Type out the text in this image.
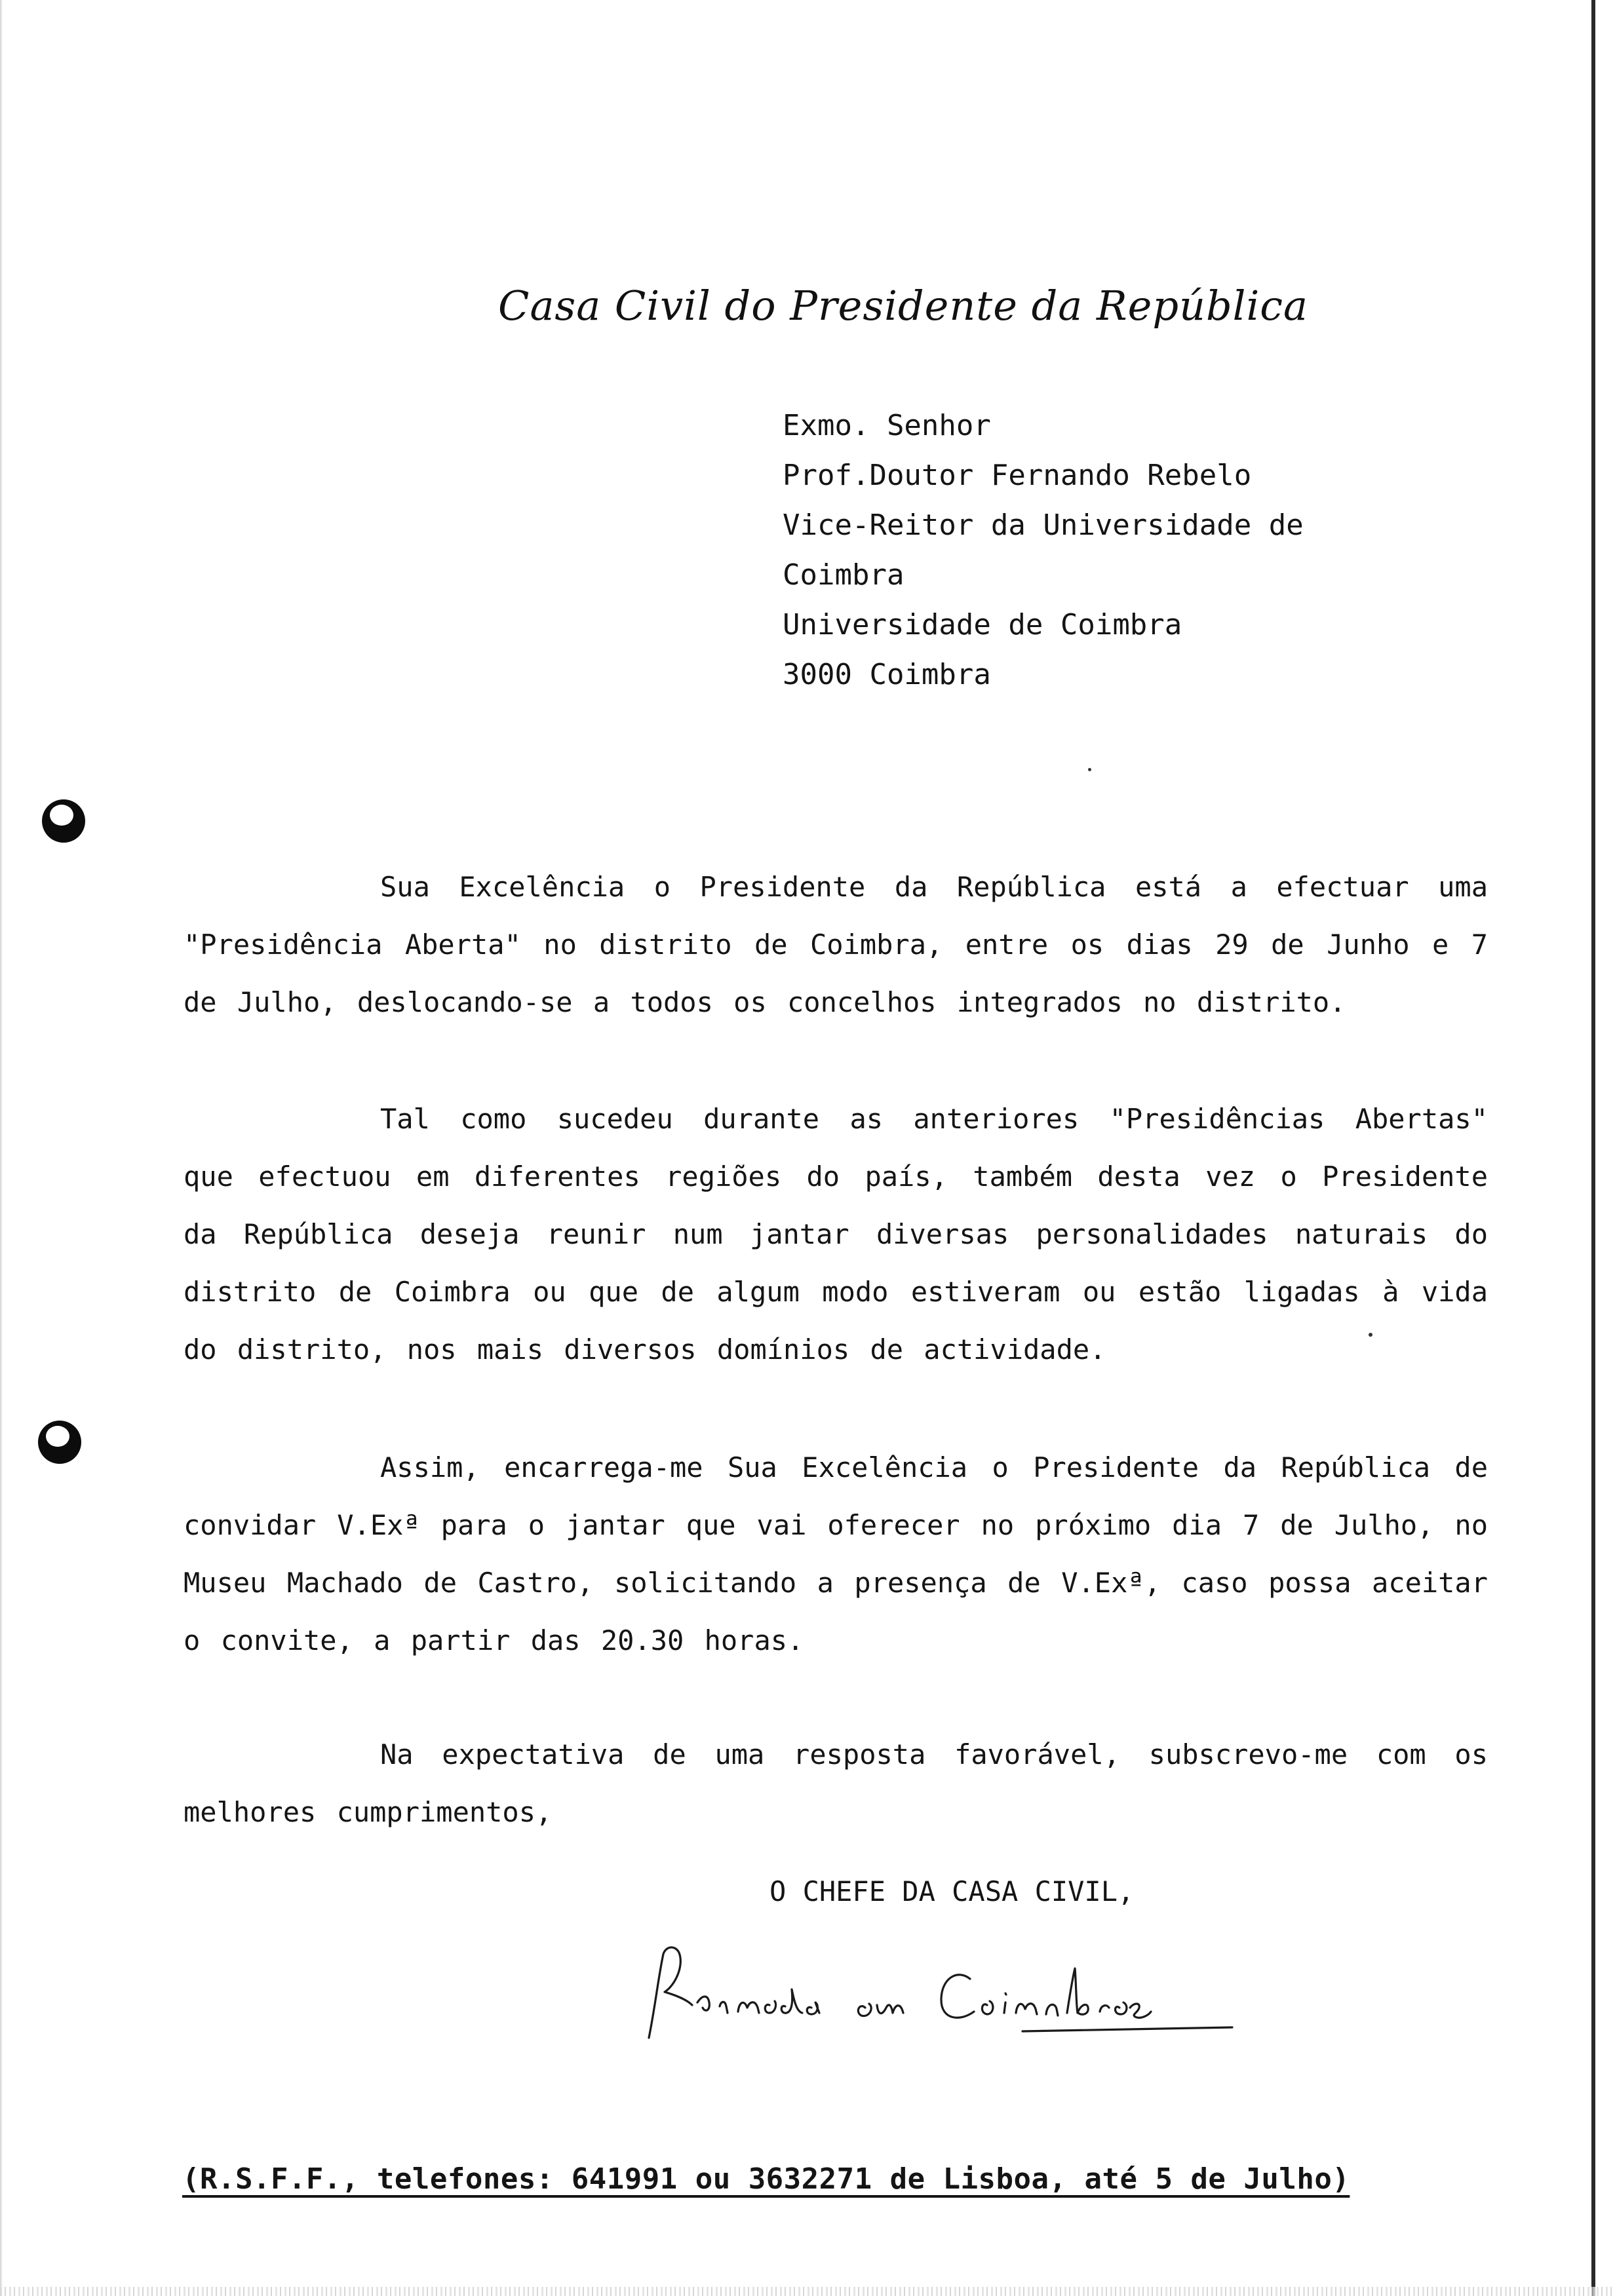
Casa Civil do Presidente da República
Exmo. Senhor
Prof.Doutor Fernando Rebelo
Vice-Reitor da Universidade de
Coimbra
Universidade de Coimbra
3000 Coimbra

Sua Excelência o Presidente da República está a efectuar uma "Presidência Aberta" no distrito de Coimbra, entre os dias 29 de Junho e 7 de Julho, deslocando-se a todos os concelhos integrados no distrito.

Tal como sucedeu durante as anteriores "Presidências Abertas" que efectuou em diferentes regiões do país, também desta vez o Presidente da República deseja reunir num jantar diversas personalidades naturais do distrito de Coimbra ou que de algum modo estiveram ou estão ligadas à vida do distrito, nos mais diversos domínios de actividade.

Assim, encarrega-me Sua Excelência o Presidente da República de convidar V.Exª para o jantar que vai oferecer no próximo dia 7 de Julho, no Museu Machado de Castro, solicitando a presença de V.Exª, caso possa aceitar o convite, a partir das 20.30 horas.

Na expectativa de uma resposta favorável, subscrevo-me com os melhores cumprimentos,

O CHEFE DA CASA CIVIL,
(R.S.F.F., telefones: 641991 ou 3632271 de Lisboa, até 5 de Julho)
